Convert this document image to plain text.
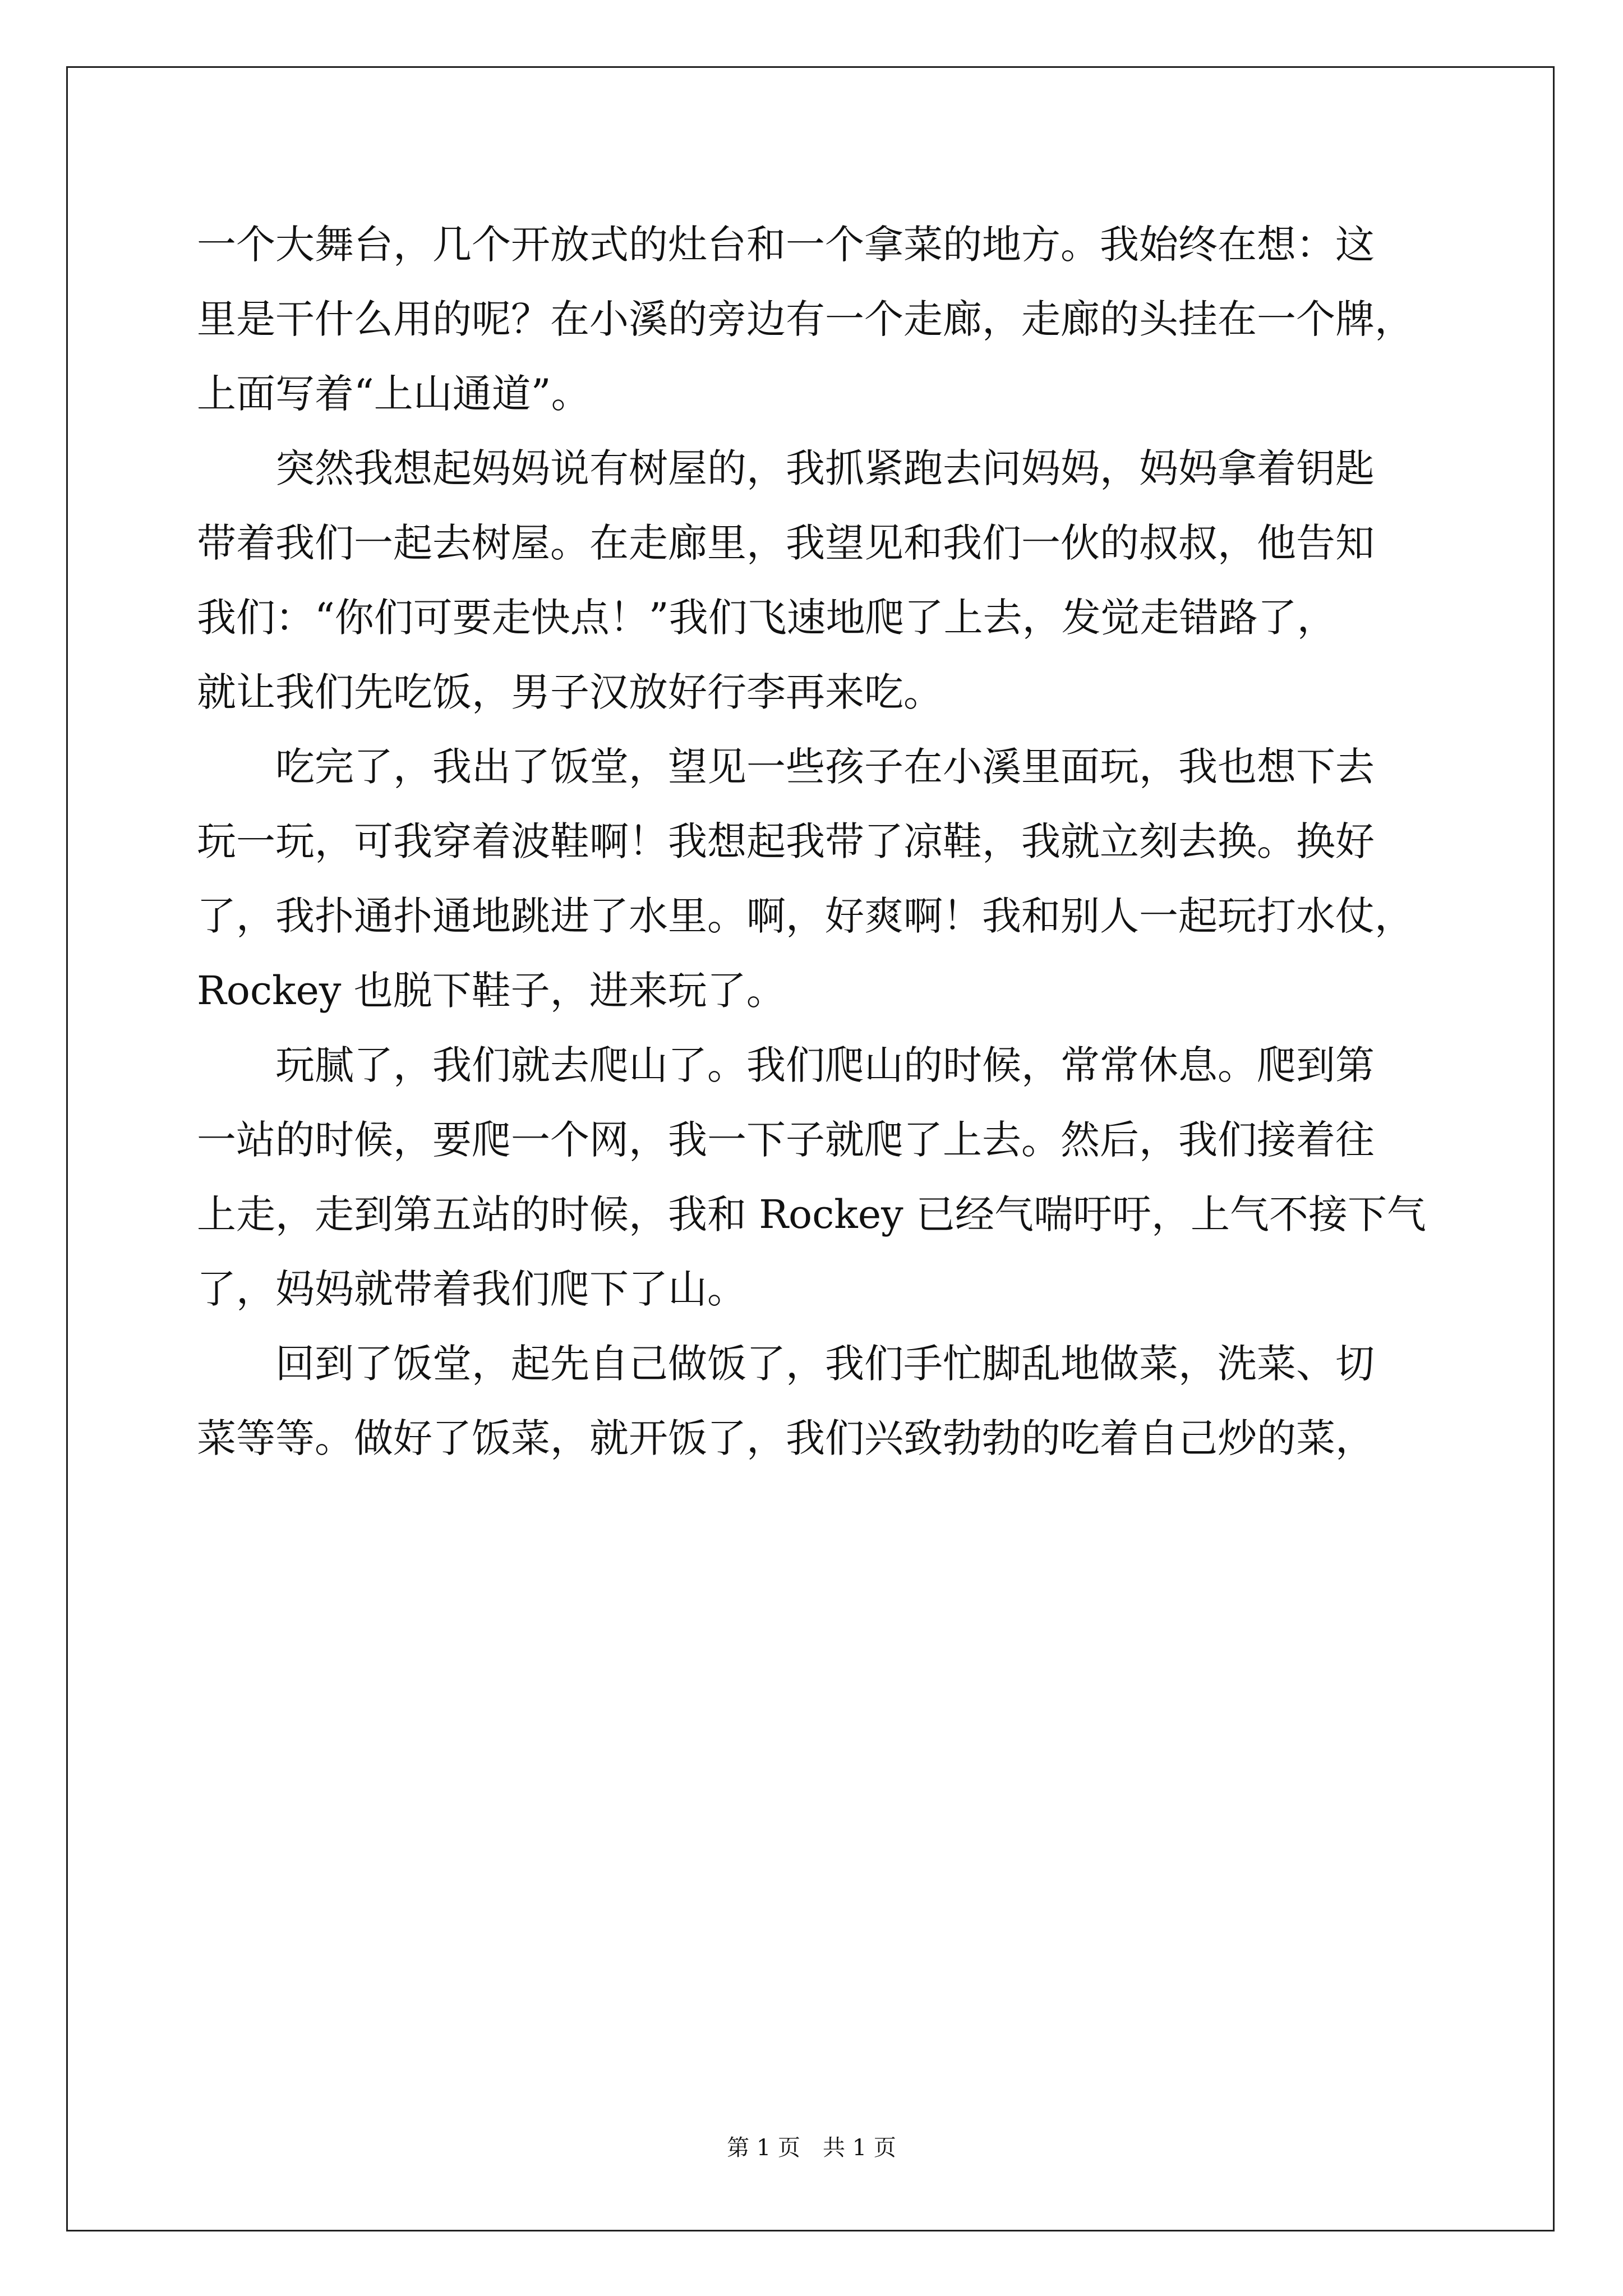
一个大舞台，几个开放式的灶台和一个拿菜的地方。我始终在想：这
里是干什么用的呢？在小溪的旁边有一个走廊，走廊的头挂在一个牌，
上面写着“上山通道”。
　　突然我想起妈妈说有树屋的，我抓紧跑去问妈妈，妈妈拿着钥匙
带着我们一起去树屋。在走廊里，我望见和我们一伙的叔叔，他告知
我们：“你们可要走快点！”我们飞速地爬了上去，发觉走错路了，
就让我们先吃饭，男子汉放好行李再来吃。
　　吃完了，我出了饭堂，望见一些孩子在小溪里面玩，我也想下去
玩一玩，可我穿着波鞋啊！我想起我带了凉鞋，我就立刻去换。换好
了，我扑通扑通地跳进了水里。啊，好爽啊！我和别人一起玩打水仗，
Rockey 也脱下鞋子，进来玩了。
　　玩腻了，我们就去爬山了。我们爬山的时候，常常休息。爬到第
一站的时候，要爬一个网，我一下子就爬了上去。然后，我们接着往
上走，走到第五站的时候，我和 Rockey 已经气喘吁吁，上气不接下气
了，妈妈就带着我们爬下了山。
　　回到了饭堂，起先自己做饭了，我们手忙脚乱地做菜，洗菜、切
菜等等。做好了饭菜，就开饭了，我们兴致勃勃的吃着自己炒的菜，
第 1 页　共 1 页
